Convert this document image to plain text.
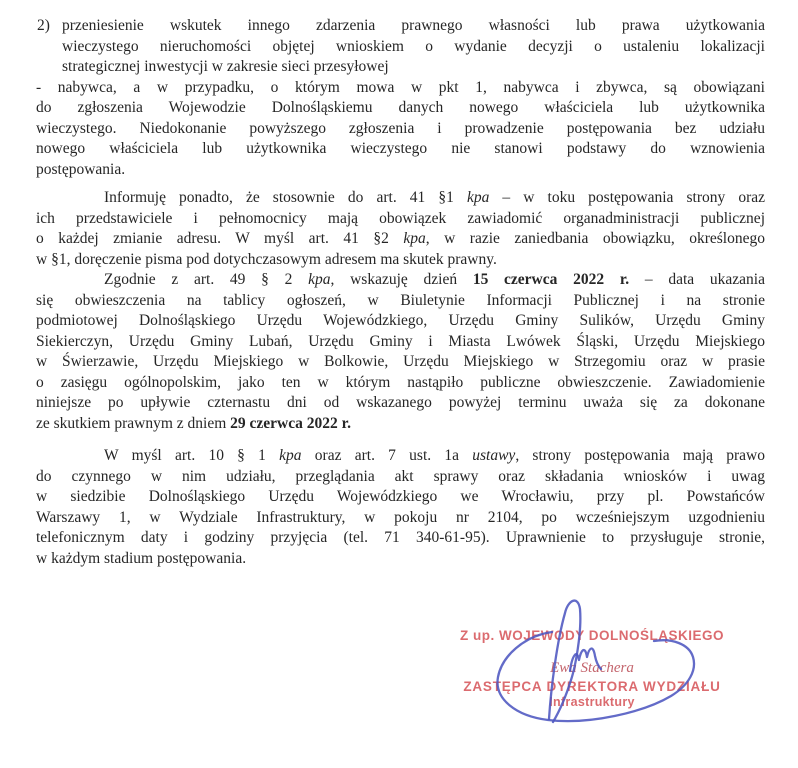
2) przeniesienie wskutek innego zdarzenia prawnego własności lub prawa użytkowania
wieczystego nieruchomości objętej wnioskiem o wydanie decyzji o ustaleniu lokalizacji
strategicznej inwestycji w zakresie sieci przesyłowej
- nabywca, a w przypadku, o którym mowa w pkt 1, nabywca i zbywca, są obowiązani
do zgłoszenia Wojewodzie Dolnośląskiemu danych nowego właściciela lub użytkownika
wieczystego. Niedokonanie powyższego zgłoszenia i prowadzenie postępowania bez udziału
nowego właściciela lub użytkownika wieczystego nie stanowi podstawy do wznowienia
postępowania.
Informuję ponadto, że stosownie do art. 41 §1 kpa – w toku postępowania strony oraz
ich przedstawiciele i pełnomocnicy mają obowiązek zawiadomić organadministracji publicznej
o każdej zmianie adresu. W myśl art. 41 §2 kpa, w razie zaniedbania obowiązku, określonego
w §1, doręczenie pisma pod dotychczasowym adresem ma skutek prawny.
Zgodnie z art. 49 § 2 kpa, wskazuję dzień 15 czerwca 2022 r. – data ukazania
się obwieszczenia na tablicy ogłoszeń, w Biuletynie Informacji Publicznej i na stronie
podmiotowej Dolnośląskiego Urzędu Wojewódzkiego, Urzędu Gminy Sulików, Urzędu Gminy
Siekierczyn, Urzędu Gminy Lubań, Urzędu Gminy i Miasta Lwówek Śląski, Urzędu Miejskiego
w Świerzawie, Urzędu Miejskiego w Bolkowie, Urzędu Miejskiego w Strzegomiu oraz w prasie
o zasięgu ogólnopolskim, jako ten w którym nastąpiło publiczne obwieszczenie. Zawiadomienie
niniejsze po upływie czternastu dni od wskazanego powyżej terminu uważa się za dokonane
ze skutkiem prawnym z dniem 29 czerwca 2022 r.
W myśl art. 10 § 1 kpa oraz art. 7 ust. 1a ustawy, strony postępowania mają prawo
do czynnego w nim udziału, przeglądania akt sprawy oraz składania wniosków i uwag
w siedzibie Dolnośląskiego Urzędu Wojewódzkiego we Wrocławiu, przy pl. Powstańców
Warszawy 1, w Wydziale Infrastruktury, w pokoju nr 2104, po wcześniejszym uzgodnieniu
telefonicznym daty i godziny przyjęcia (tel. 71 340-61-95). Uprawnienie to przysługuje stronie,
w każdym stadium postępowania.
Z up. WOJEWODY DOLNOŚLĄSKIEGO
Ewa Stachera
ZASTĘPCA DYREKTORA WYDZIAŁU
Infrastruktury
